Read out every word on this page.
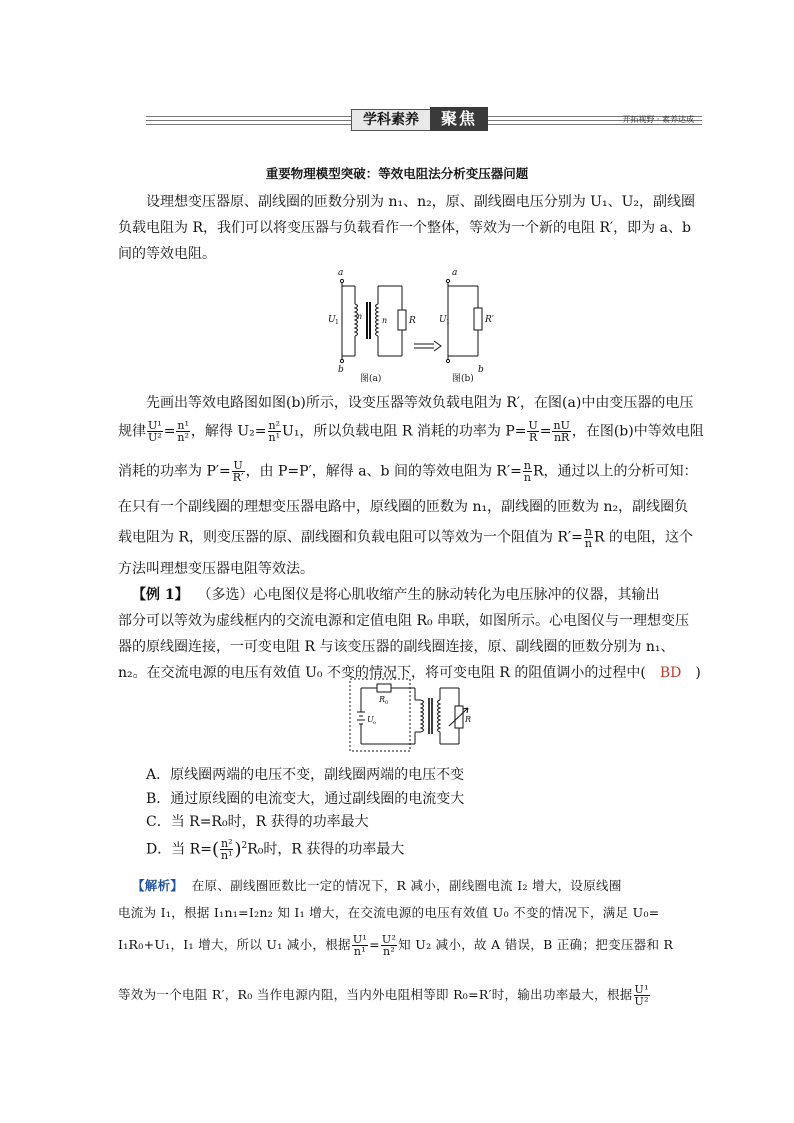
学科素养	聚焦	开拓视野 · 素养达成
重要物理模型突破：等效电阻法分析变压器问题
设理想变压器原、副线圈的匝数分别为 n₁、n₂，原、副线圈电压分别为 U₁、U₂，副线圈
负载电阻为 R，我们可以将变压器与负载看作一个整体，等效为一个新的电阻 R′，即为 a、b
间的等效电阻。
a
b
U 1
n n R
a
b
U 1	R′
图(a)	图(b)
先画出等效电路图如图(b)所示，设变压器等效负载电阻为 R′，在图(a)中由变压器的电压
规律 $\frac{\text{U¹}}{\text{U²}} = \frac{\text{n¹}}{\text{n²}}$ ，解得 $U_2= \frac{\text{n²}}{\text{n¹}} U_1$，所以负载电阻 R 消耗的功率为 $P= \frac{U}{R} = \frac{nU}{nR}$ ，在图(b)中等效电阻
消耗的功率为 $P'= \frac{U}{R'}$ ，由 P=P′，解得 a、b 间的等效电阻为 $R'= \frac{n}{n}$ R，通过以上的分析可知：
在只有一个副线圈的理想变压器电路中，原线圈的匝数为 n₁，副线圈的匝数为 n₂，副线圈负
载电阻为 R，则变压器的原、副线圈和负载电阻可以等效为一个阻值为 $R'= \frac{n}{n}$ R 的电阻，这个
方法叫理想变压器电阻等效法。
【例 1】 （多选）心电图仪是将心肌收缩产生的脉动转化为电压脉冲的仪器，其输出
部分可以等效为虚线框内的交流电源和定值电阻 R₀ 串联，如图所示。心电图仪与一理想变压
器的原线圈连接，一可变电阻 R 与该变压器的副线圈连接，原、副线圈的匝数分别为 n₁、
n₂。在交流电源的电压有效值 U₀ 不变的情况下，将可变电阻 R 的阻值调小的过程中(　BD　)
R 0
U o	R
A．原线圈两端的电压不变，副线圈两端的电压不变
B．通过原线圈的电流变大，通过副线圈的电流变大
C．当 R=R₀时，R 获得的功率最大
D．当 $R=( \frac{\text{n²}}{\text{n¹}} )^2R_0$时，R 获得的功率最大
【解析】 在原、副线圈匝数比一定的情况下，R 减小，副线圈电流 I₂ 增大，设原线圈
电流为 I₁，根据 I₁n₁=I₂n₂ 知 I₁ 增大，在交流电源的电压有效值 U₀ 不变的情况下，满足 U₀=
I₁R₀+U₁，I₁ 增大，所以 U₁ 减小，根据 $\frac{\text{U¹}}{\text{n¹}} = \frac{\text{U²}}{\text{n²}}$ 知 U₂ 减小，故 A 错误，B 正确；把变压器和 R
等效为一个电阻 R′，R₀ 当作电源内阻，当内外电阻相等即 R₀=R′时，输出功率最大，根据 $\frac{\text{U¹}}{\text{U²}}$
